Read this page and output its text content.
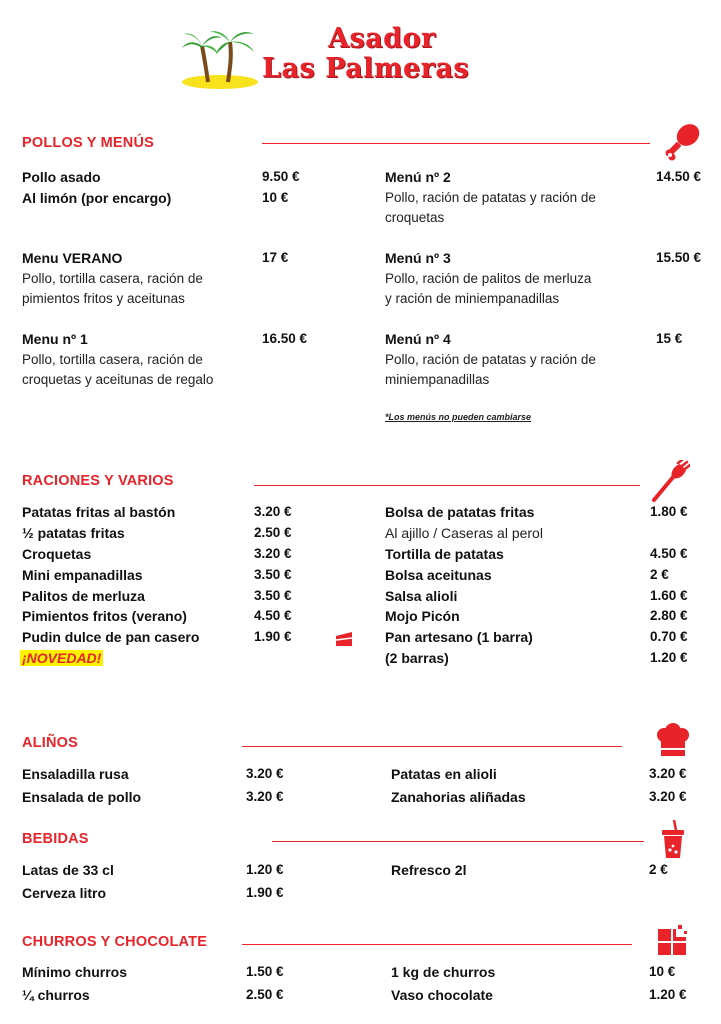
Asador
Las Palmeras
POLLOS Y MENÚS
Pollo asado	9.50 €
Al limón (por encargo)	10 €
Menu VERANO
Pollo, tortilla casera, ración de
pimientos fritos y aceitunas
17 €
Menu nº 1
Pollo, tortilla casera, ración de
croquetas y aceitunas de regalo
16.50 €
Menú nº 2
Pollo, ración de patatas y ración de
croquetas
14.50 €
Menú nº 3
Pollo, ración de palitos de merluza
y ración de miniempanadillas
15.50 €
Menú nº 4
Pollo, ración de patatas y ración de
miniempanadillas
15 €
*Los menús no pueden cambiarse
RACIONES Y VARIOS
Patatas fritas al bastón	3.20 €
½ patatas fritas	2.50 €
Croquetas	3.20 €
Mini empanadillas	3.50 €
Palitos de merluza	3.50 €
Pimientos fritos (verano)	4.50 €
Pudin dulce de pan casero	1.90 €
¡NOVEDAD!
Bolsa de patatas fritas	1.80 €
Al ajillo / Caseras al perol
Tortilla de patatas	4.50 €
Bolsa aceitunas	2 €
Salsa alioli	1.60 €
Mojo Picón	2.80 €
Pan artesano (1 barra)	0.70 €
(2 barras)	1.20 €
ALIÑOS
Ensaladilla rusa	3.20 €
Ensalada de pollo	3.20 €
Patatas en alioli	3.20 €
Zanahorias aliñadas	3.20 €
BEBIDAS
Latas de 33 cl	1.20 €
Cerveza litro	1.90 €
Refresco 2l	2 €
CHURROS Y CHOCOLATE
Mínimo churros	1.50 €
¼ churros	2.50 €
1 kg de churros	10 €
Vaso chocolate	1.20 €
